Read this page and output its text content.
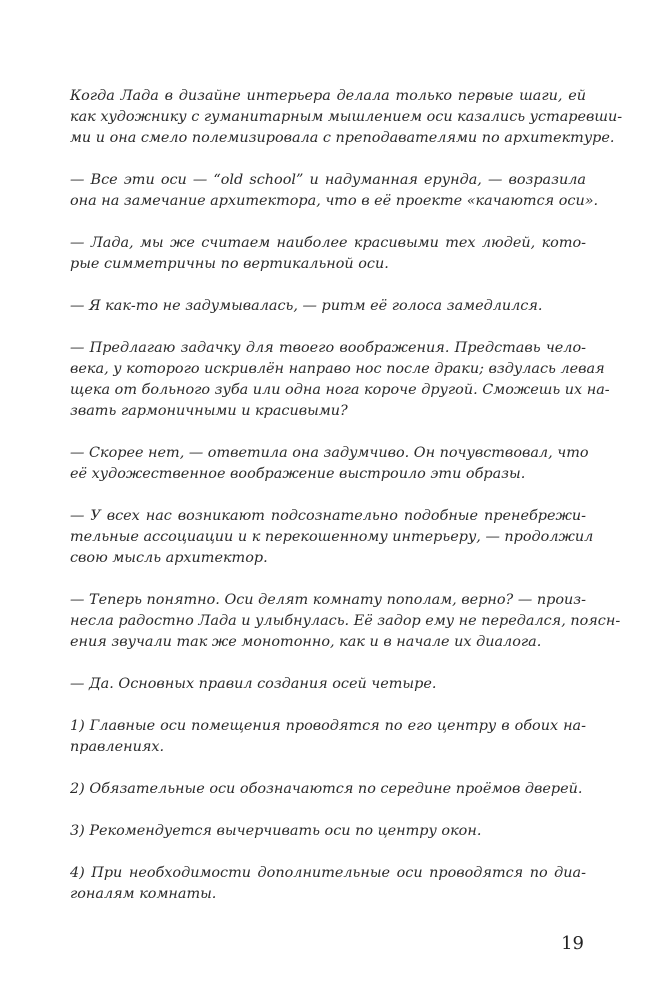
Когда Лада в дизайне интерьера делала только первые шаги, ей
как художнику с гуманитарным мышлением оси казались устаревши-
ми и она смело полемизировала с преподавателями по архитектуре.

— Все эти оси — “old school” и надуманная ерунда, — возразила
она на замечание архитектора, что в её проекте «качаются оси».

— Лада, мы же считаем наиболее красивыми тех людей, кото-
рые симметричны по вертикальной оси.

— Я как-то не задумывалась, — ритм её голоса замедлился.

— Предлагаю задачку для твоего воображения. Представь чело-
века, у которого искривлён направо нос после драки; вздулась левая
щека от больного зуба или одна нога короче другой. Сможешь их на-
звать гармоничными и красивыми?

— Скорее нет, — ответила она задумчиво. Он почувствовал, что
её художественное воображение выстроило эти образы.

— У всех нас возникают подсознательно подобные пренебрежи-
тельные ассоциации и к перекошенному интерьеру, — продолжил
свою мысль архитектор.

— Теперь понятно. Оси делят комнату пополам, верно? — произ-
несла радостно Лада и улыбнулась. Её задор ему не передался, поясн-
ения звучали так же монотонно, как и в начале их диалога.

— Да. Основных правил создания осей четыре.

1) Главные оси помещения проводятся по его центру в обоих на-
правлениях.

2) Обязательные оси обозначаются по середине проёмов дверей.

3) Рекомендуется вычерчивать оси по центру окон.

4) При необходимости дополнительные оси проводятся по диа-
гоналям комнаты.

19
